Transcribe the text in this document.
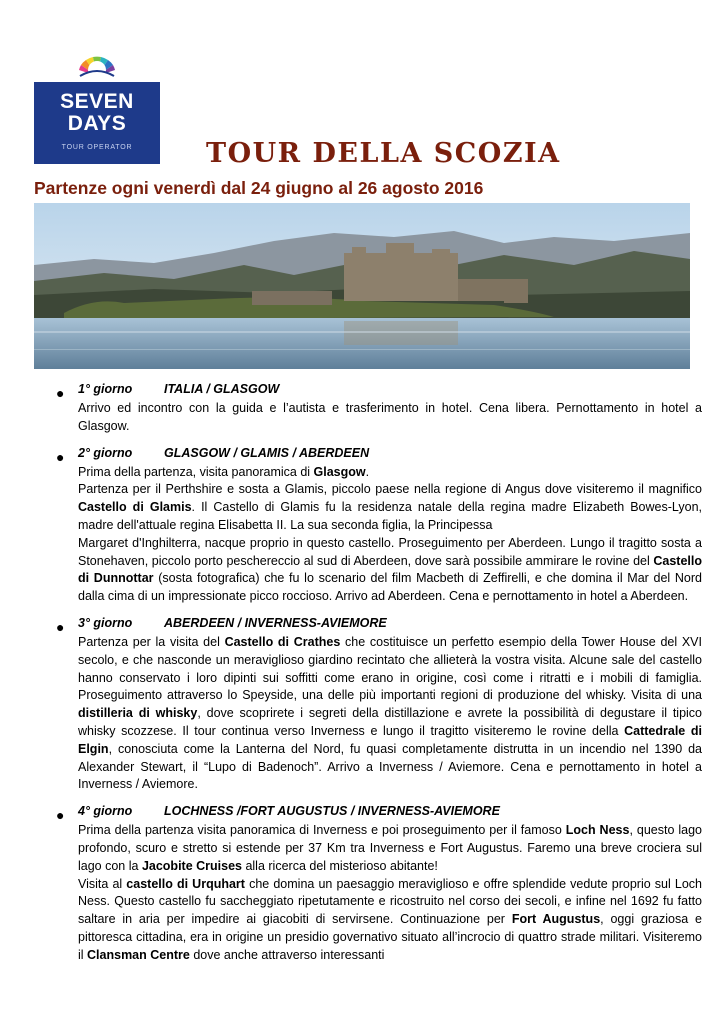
SEVEN
DAYS
TOUR OPERATOR	TOUR DELLA SCOZIA
Partenze ogni venerdì dal 24 giugno al 26 agosto 2016
● 1° giorno	ITALIA / GLASGOW

Arrivo ed incontro con la guida e l’autista e trasferimento in hotel. Cena libera. Pernottamento in hotel a Glasgow.

● 2° giorno	GLASGOW / GLAMIS / ABERDEEN

Prima della partenza, visita panoramica di Glasgow.

Partenza per il Perthshire e sosta a Glamis, piccolo paese nella regione di Angus dove visiteremo il magnifico Castello di Glamis. Il Castello di Glamis fu la residenza natale della regina madre Elizabeth Bowes-Lyon, madre dell'attuale regina Elisabetta II. La sua seconda figlia, la Principessa

Margaret d'Inghilterra, nacque proprio in questo castello. Proseguimento per Aberdeen. Lungo il tragitto sosta a Stonehaven, piccolo porto peschereccio al sud di Aberdeen, dove sarà possibile ammirare le rovine del Castello di Dunnottar (sosta fotografica) che fu lo scenario del film Macbeth di Zeffirelli, e che domina il Mar del Nord dalla cima di un impressionate picco roccioso. Arrivo ad Aberdeen. Cena e pernottamento in hotel a Aberdeen.

● 3° giorno	ABERDEEN / INVERNESS-AVIEMORE

Partenza per la visita del Castello di Crathes che costituisce un perfetto esempio della Tower House del XVI secolo, e che nasconde un meraviglioso giardino recintato che allieterà la vostra visita. Alcune sale del castello hanno conservato i loro dipinti sui soffitti come erano in origine, così come i ritratti e i mobili di famiglia. Proseguimento attraverso lo Speyside, una delle più importanti regioni di produzione del whisky. Visita di una distilleria di whisky, dove scoprirete i segreti della distillazione e avrete la possibilità di degustare il tipico whisky scozzese. Il tour continua verso Inverness e lungo il tragitto visiteremo le rovine della Cattedrale di Elgin, conosciuta come la Lanterna del Nord, fu quasi completamente distrutta in un incendio nel 1390 da Alexander Stewart, il “Lupo di Badenoch”. Arrivo a Inverness / Aviemore. Cena e pernottamento in hotel a Inverness / Aviemore.

● 4° giorno	LOCHNESS /FORT AUGUSTUS / INVERNESS-AVIEMORE

Prima della partenza visita panoramica di Inverness e poi proseguimento per il famoso Loch Ness, questo lago profondo, scuro e stretto si estende per 37 Km tra Inverness e Fort Augustus. Faremo una breve crociera sul lago con la Jacobite Cruises alla ricerca del misterioso abitante!

Visita al castello di Urquhart che domina un paesaggio meraviglioso e offre splendide vedute proprio sul Loch Ness. Questo castello fu saccheggiato ripetutamente e ricostruito nel corso dei secoli, e infine nel 1692 fu fatto saltare in aria per impedire ai giacobiti di servirsene. Continuazione per Fort Augustus, oggi graziosa e pittoresca cittadina, era in origine un presidio governativo situato all’incrocio di quattro strade militari. Visiteremo il Clansman Centre dove anche attraverso interessanti
